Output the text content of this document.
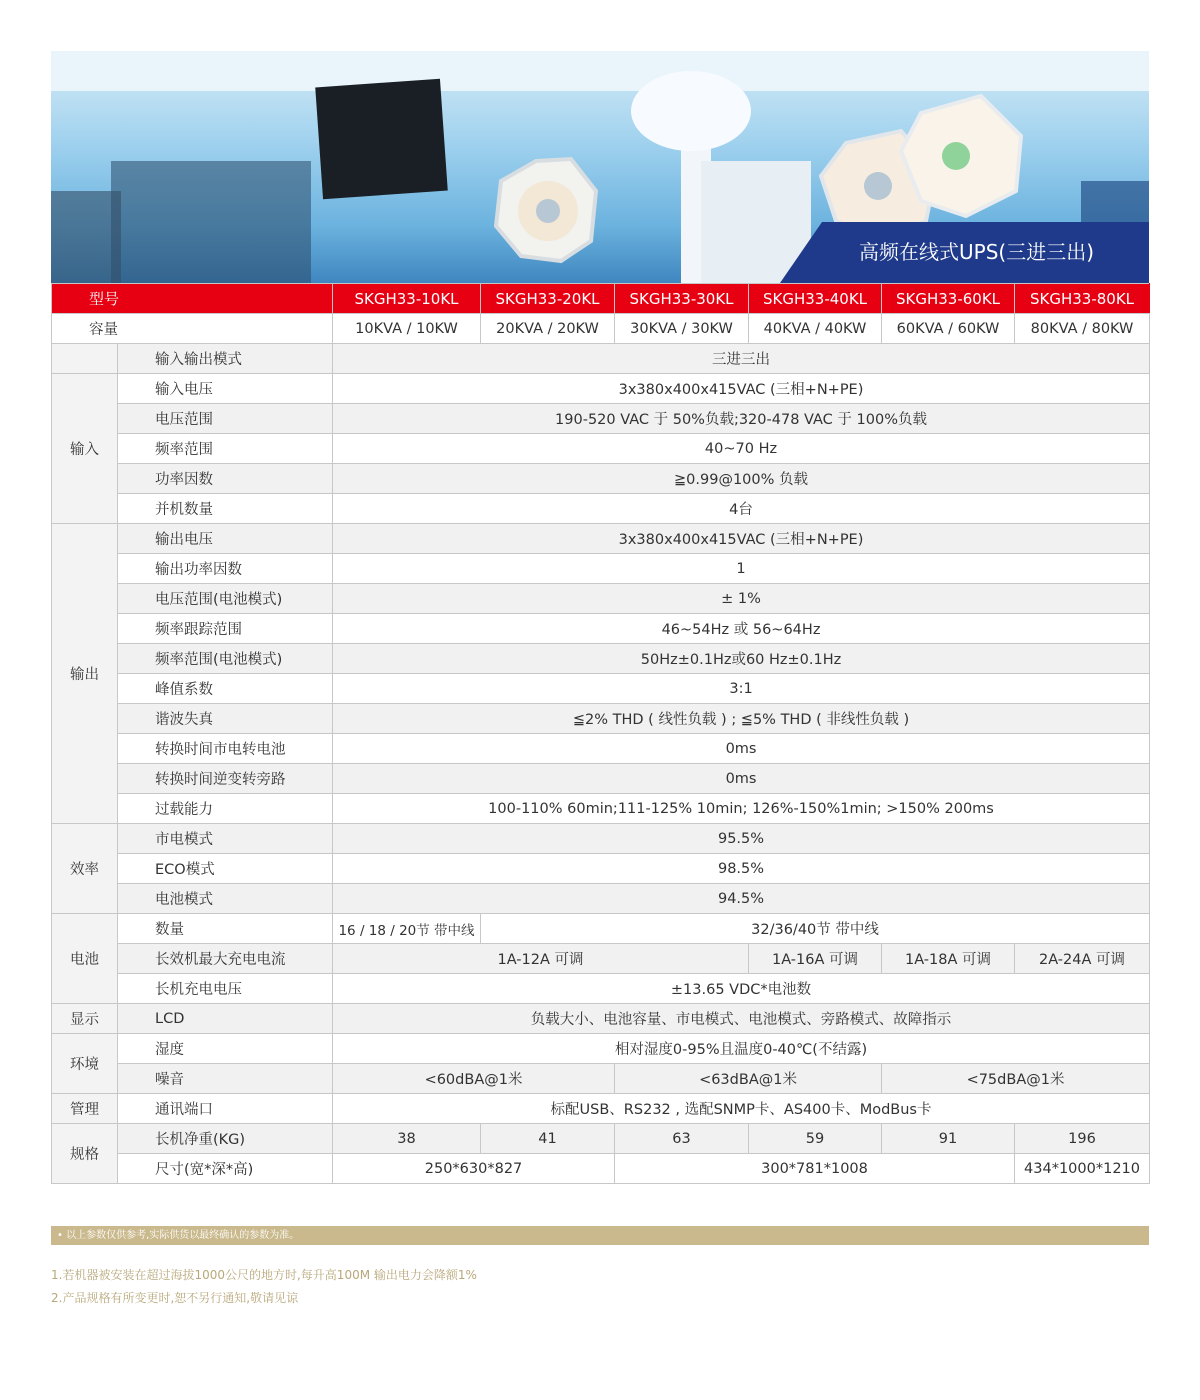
高频在线式UPS(三进三出)
型号		SKGH33-10KL	SKGH33-20KL	SKGH33-30KL	SKGH33-40KL	SKGH33-60KL	SKGH33-80KL
容量		10KVA / 10KW	20KVA / 20KW	30KVA / 30KW	40KVA / 40KW	60KVA / 60KW	80KVA / 80KW
	输入输出模式	三进三出					
输入	输入电压	3x380x400x415VAC (三相+N+PE)					
	电压范围	190-520 VAC 于 50%负载;320-478 VAC 于 100%负载					
	频率范围	40~70 Hz					
	功率因数	≧0.99@100% 负载					
	并机数量	4台					
输出	输出电压	3x380x400x415VAC (三相+N+PE)					
	输出功率因数	1					
	电压范围(电池模式)	± 1%					
	频率跟踪范围	46~54Hz 或 56~64Hz					
	频率范围(电池模式)	50Hz±0.1Hz或60 Hz±0.1Hz					
	峰值系数	3:1					
	谐波失真	≦2% THD ( 线性负载 ) ; ≦5% THD ( 非线性负载 )					
	转换时间市电转电池	0ms					
	转换时间逆变转旁路	0ms					
	过载能力	100-110% 60min;111-125% 10min; 126%-150%1min; >150% 200ms					
效率	市电模式	95.5%					
	ECO模式	98.5%					
	电池模式	94.5%					
电池	数量	16 / 18 / 20节 带中线	32/36/40节 带中线				
	长效机最大充电电流	1A-12A 可调			1A-16A 可调	1A-18A 可调	2A-24A 可调
	长机充电电压	±13.65 VDC*电池数					
显示	LCD	负载大小、电池容量、市电模式、电池模式、旁路模式、故障指示					
环境	湿度	相对湿度0-95%且温度0-40℃(不结露)					
	噪音	<60dBA@1米		<63dBA@1米		<75dBA@1米	
管理	通讯端口	标配USB、RS232 , 选配SNMP卡、AS400卡、ModBus卡					
规格	长机净重(KG)	38	41	63	59	91	196
	尺寸(宽*深*高)	250*630*827		300*781*1008			434*1000*1210
• 以上参数仅供参考,实际供货以最终确认的参数为准。
1.若机器被安装在超过海拔1000公尺的地方时,每升高100M 输出电力会降额1%
2.产品规格有所变更时,恕不另行通知,敬请见谅
